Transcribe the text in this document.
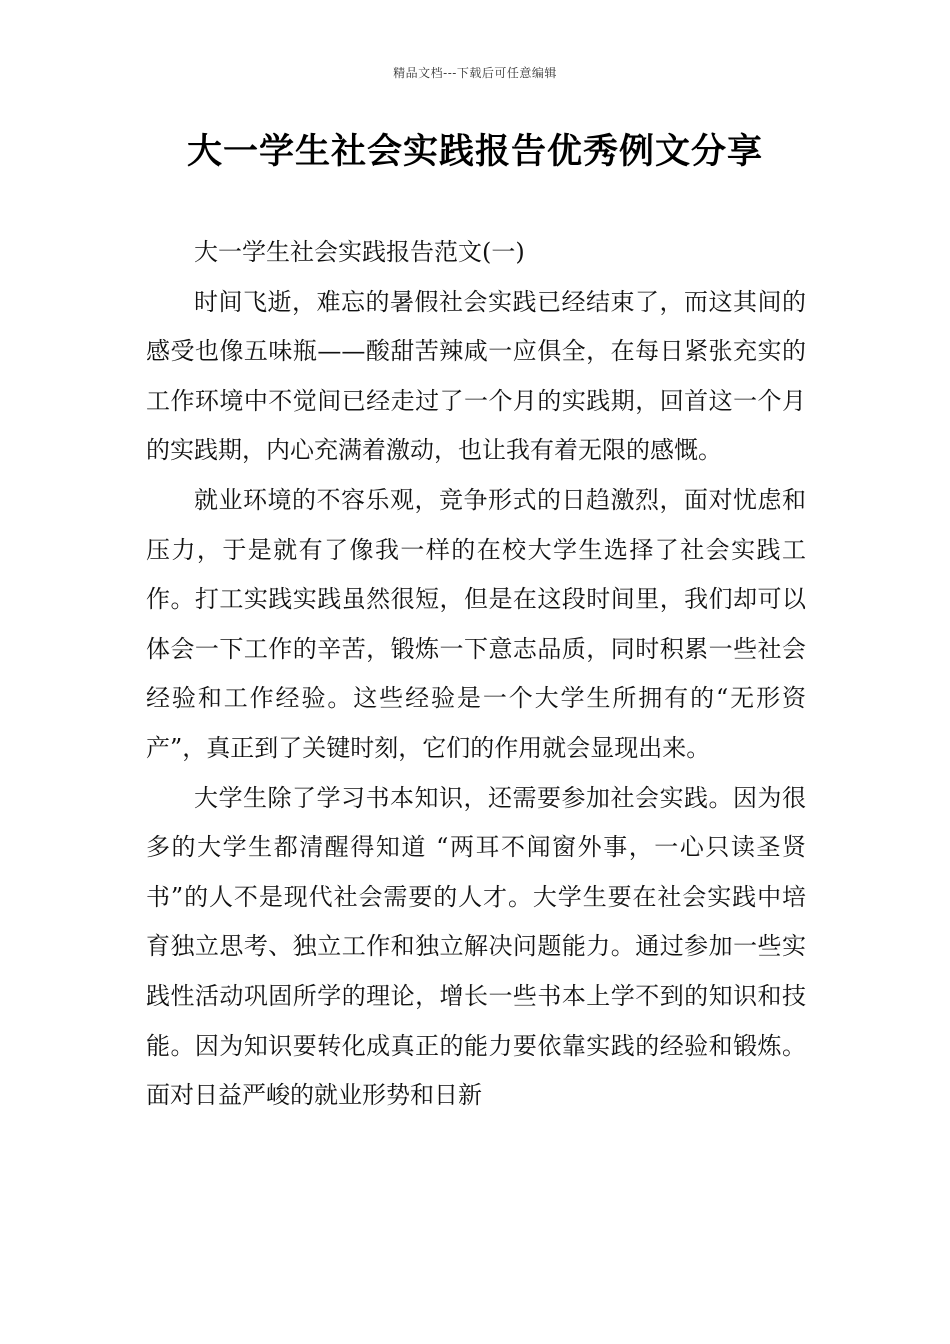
精品文档---下载后可任意编辑
大一学生社会实践报告优秀例文分享

大一学生社会实践报告范文(一)

时间飞逝，难忘的暑假社会实践已经结束了，而这其间的感受也像五味瓶——酸甜苦辣咸一应俱全，在每日紧张充实的工作环境中不觉间已经走过了一个月的实践期，回首这一个月的实践期，内心充满着激动，也让我有着无限的感慨。

就业环境的不容乐观，竞争形式的日趋激烈，面对忧虑和压力，于是就有了像我一样的在校大学生选择了社会实践工作。打工实践实践虽然很短，但是在这段时间里，我们却可以体会一下工作的辛苦，锻炼一下意志品质，同时积累一些社会经验和工作经验。这些经验是一个大学生所拥有的“无形资产”，真正到了关键时刻，它们的作用就会显现出来。

大学生除了学习书本知识，还需要参加社会实践。因为很多的大学生都清醒得知道 “两耳不闻窗外事，一心只读圣贤书”的人不是现代社会需要的人才。大学生要在社会实践中培育独立思考、独立工作和独立解决问题能力。通过参加一些实践性活动巩固所学的理论，增长一些书本上学不到的知识和技能。因为知识要转化成真正的能力要依靠实践的经验和锻炼。面对日益严峻的就业形势和日新
